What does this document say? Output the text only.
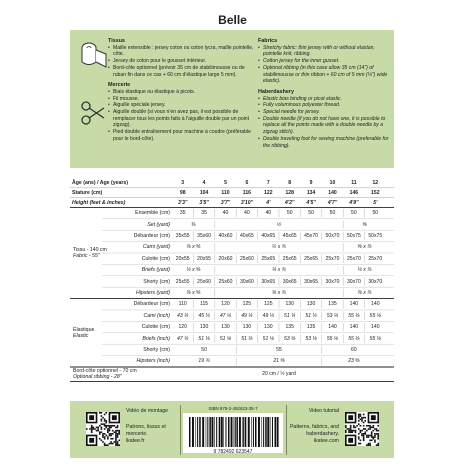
Belle
Tissus
• Maille extensible : jersey coton ou coton lycra, maille pointelle, côte.
• Jersey de coton pour le gousset intérieur.
• Bord-côte optionnel (prévoir 35 cm de stabilimousse ou de ruban fin dans ce cas + 60 cm d'élastique large 5 mm).
Mercerie
• Biais élastique ou élastique à picots.
• Fil mousse.
• Aiguille spéciale jersey.
• Aiguille double (si vous n'en avez pas, il est possible de remplacer tous les points faits à l'aiguille double par un point zigzag).
• Pied double entraînement pour machine à coudre (préférable pour le bord-côte).
Fabrics
• Stretchy fabric: thin jersey with or without elastan, pointelle knit, ribbing.
• Cotton jersey for the inner gusset.
• Optional ribbing (in this case allow 35 cm (14") of stabilimousse or thin ribbon + 60 cm of 5 mm (¼") wide elastic).
Haberdashery
• Elastic bias binding or picot elastic.
• Fully voluminous polyester thread.
• Special needle for jersey.
• Double needle (if you do not have one, it is possible to replace all the points made with a double needle by a zigzag stitch).
• Double traveling foot for sewing machine (preferable for the ribbing).
Âge (ans) / Age (years)	3	4	5	6	7	8	9	10	11	12
Stature (cm)	98	104	110	116	122	128	134	140	146	152
Height (feet & inches)	3'3''	3'5''	3'7''	3'10''	4'	4'2''	4'5''	4'7''	4'9''	5'
Ensemble (cm)	35	35	40	40	40	50	50	50	50	50
Set (yard)	⅜	½	⅝
Débardeur (cm)	35x55	35x60	40x60	40x65	40x65	45x65	45x70	50x70	50x75	50x75
Cami (yard)	⅜ x ⅝	½ x ¾	⅝ x ⅞
Culotte (cm)	20x55	20x55	20x60	25x60	25x65	25x65	25x65	25x70	25x70	25x70
Briefs (yard)	¼ x ⅝	¼ x ¾	¼ x ⅞
Shorty (cm)	25x55	25x60	25x60	30x60	30x65	30x65	30x65	30x70	30x70	30x70
Hipsters (yard)	⅜ x ⅝	⅜ x ¾	⅜ x ⅞
Tissu - 140 cm
Fabric - 55"
Débardeur (cm)	110	115	120	125	125	130	130	135	140	140
Cami (inch)	43 ¼	45 ¼	47 ¼	49 ¼	49 ¼	51 ¼	51 ¼	53 ¼	55 ⅛	55 ⅛
Culotte (cm)	120	130	130	130	130	135	135	140	140	140
Briefs (inch)	47 ¼	51 ⅛	51 ⅛	51 ⅛	51 ⅛	53 ⅛	53 ⅛	55 ⅛	55 ⅛	55 ⅛
Shorty (cm)	50	55	60
Hipsters (inch)	19 ¾	21 ⅝	23 ⅝
Élastique
Elastic
Bord-côte optionnel - 70 cm
Optional ribbing - 28"	20 cm / ½ yard
Vidéo de montage
Patrons, tissus et
mercerie.
ikatee.fr
Video tutorial
Patterns, fabrics, and
haberdashery.
ikatee.com
ISBN 978-2-492623-35-7
9 782492 623547
